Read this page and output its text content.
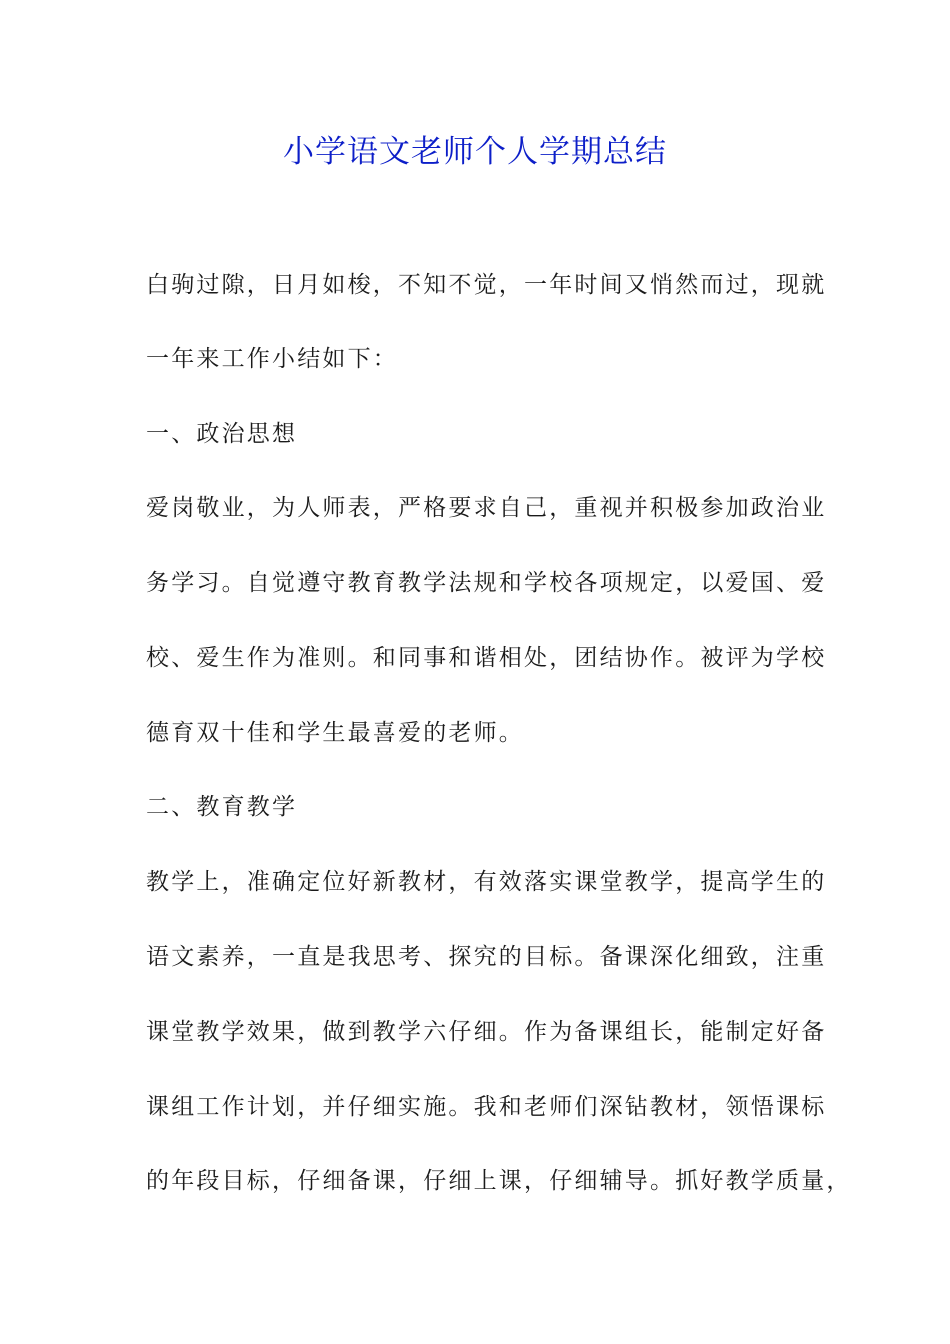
小学语文老师个人学期总结
白驹过隙，日月如梭，不知不觉，一年时间又悄然而过，现就
一年来工作小结如下：
一、政治思想
爱岗敬业，为人师表，严格要求自己，重视并积极参加政治业
务学习。自觉遵守教育教学法规和学校各项规定，以爱国、爱
校、爱生作为准则。和同事和谐相处，团结协作。被评为学校
德育双十佳和学生最喜爱的老师。
二、教育教学
教学上，准确定位好新教材，有效落实课堂教学，提高学生的
语文素养，一直是我思考、探究的目标。备课深化细致，注重
课堂教学效果，做到教学六仔细。作为备课组长，能制定好备
课组工作计划，并仔细实施。我和老师们深钻教材，领悟课标
的年段目标，仔细备课，仔细上课，仔细辅导。抓好教学质量，
